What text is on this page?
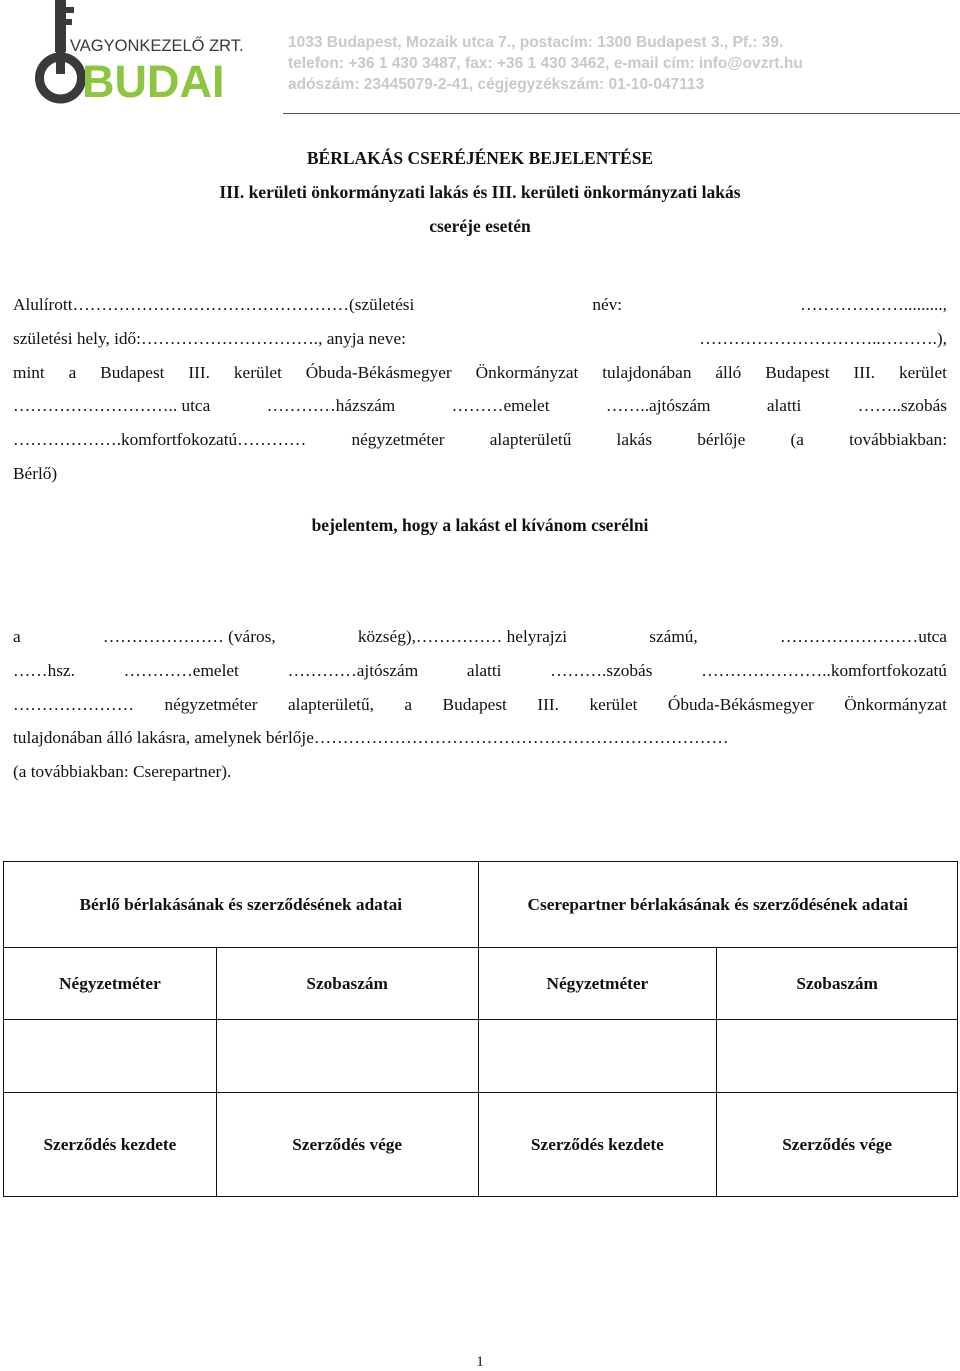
VAGYONKEZELŐ ZRT.
BUDAI
1033 Budapest, Mozaik utca 7., postacím: 1300 Budapest 3., Pf.: 39.
telefon: +36 1 430 3487, fax: +36 1 430 3462, e-mail cím: info@ovzrt.hu
adószám: 23445079-2-41, cégjegyzékszám: 01-10-047113
BÉRLAKÁS CSERÉJÉNEK BEJELENTÉSE
III. kerületi önkormányzati lakás és III. kerületi önkormányzati lakás
cseréje esetén
Alulírott…………………………………………(születési	név:	……………….........,
születési hely, idő:…………………………., anyja neve:	…………………………..……….),
mint a Budapest III. kerület Óbuda-Békásmegyer Önkormányzat tulajdonában álló Budapest III. kerület
……………………….. utca	…………házszám	………emelet	……..ajtószám	alatti	……..szobás
……………….komfortfokozatú…………	négyzetméter	alapterületű	lakás	bérlője	(a	továbbiakban:
Bérlő)
bejelentem, hogy a lakást el kívánom cserélni
a	………………… (város,	község),…………… helyrajzi	számú,	……………………utca
……hsz.	…………emelet	…………ajtószám	alatti	……….szobás	…………………..komfortfokozatú
………………… négyzetméter alapterületű, a Budapest III. kerület Óbuda-Békásmegyer Önkormányzat
tulajdonában álló lakásra, amelynek bérlője………………………………………………………………
(a továbbiakban: Cserepartner).
Bérlő bérlakásának és szerződésének adatai		Cserepartner bérlakásának és szerződésének adatai	
Négyzetméter	Szobaszám	Négyzetméter	Szobaszám

Szerződés kezdete	Szerződés vége	Szerződés kezdete	Szerződés vége
1
